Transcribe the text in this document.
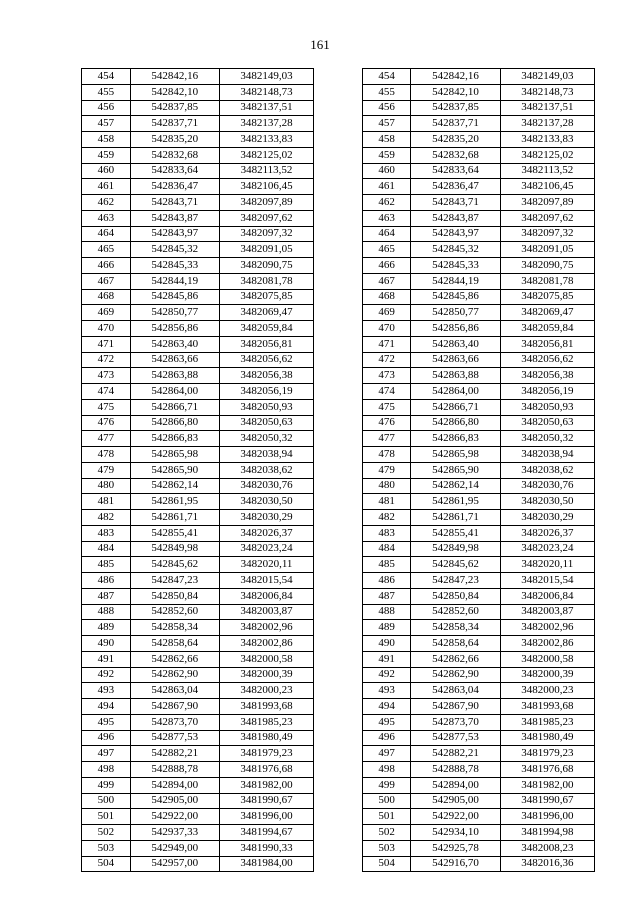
161
454	542842,16	3482149,03		454	542842,16	3482149,03
455	542842,10	3482148,73		455	542842,10	3482148,73
456	542837,85	3482137,51		456	542837,85	3482137,51
457	542837,71	3482137,28		457	542837,71	3482137,28
458	542835,20	3482133,83		458	542835,20	3482133,83
459	542832,68	3482125,02		459	542832,68	3482125,02
460	542833,64	3482113,52		460	542833,64	3482113,52
461	542836,47	3482106,45		461	542836,47	3482106,45
462	542843,71	3482097,89		462	542843,71	3482097,89
463	542843,87	3482097,62		463	542843,87	3482097,62
464	542843,97	3482097,32		464	542843,97	3482097,32
465	542845,32	3482091,05		465	542845,32	3482091,05
466	542845,33	3482090,75		466	542845,33	3482090,75
467	542844,19	3482081,78		467	542844,19	3482081,78
468	542845,86	3482075,85		468	542845,86	3482075,85
469	542850,77	3482069,47		469	542850,77	3482069,47
470	542856,86	3482059,84		470	542856,86	3482059,84
471	542863,40	3482056,81		471	542863,40	3482056,81
472	542863,66	3482056,62		472	542863,66	3482056,62
473	542863,88	3482056,38		473	542863,88	3482056,38
474	542864,00	3482056,19		474	542864,00	3482056,19
475	542866,71	3482050,93		475	542866,71	3482050,93
476	542866,80	3482050,63		476	542866,80	3482050,63
477	542866,83	3482050,32		477	542866,83	3482050,32
478	542865,98	3482038,94		478	542865,98	3482038,94
479	542865,90	3482038,62		479	542865,90	3482038,62
480	542862,14	3482030,76		480	542862,14	3482030,76
481	542861,95	3482030,50		481	542861,95	3482030,50
482	542861,71	3482030,29		482	542861,71	3482030,29
483	542855,41	3482026,37		483	542855,41	3482026,37
484	542849,98	3482023,24		484	542849,98	3482023,24
485	542845,62	3482020,11		485	542845,62	3482020,11
486	542847,23	3482015,54		486	542847,23	3482015,54
487	542850,84	3482006,84		487	542850,84	3482006,84
488	542852,60	3482003,87		488	542852,60	3482003,87
489	542858,34	3482002,96		489	542858,34	3482002,96
490	542858,64	3482002,86		490	542858,64	3482002,86
491	542862,66	3482000,58		491	542862,66	3482000,58
492	542862,90	3482000,39		492	542862,90	3482000,39
493	542863,04	3482000,23		493	542863,04	3482000,23
494	542867,90	3481993,68		494	542867,90	3481993,68
495	542873,70	3481985,23		495	542873,70	3481985,23
496	542877,53	3481980,49		496	542877,53	3481980,49
497	542882,21	3481979,23		497	542882,21	3481979,23
498	542888,78	3481976,68		498	542888,78	3481976,68
499	542894,00	3481982,00		499	542894,00	3481982,00
500	542905,00	3481990,67		500	542905,00	3481990,67
501	542922,00	3481996,00		501	542922,00	3481996,00
502	542937,33	3481994,67		502	542934,10	3481994,98
503	542949,00	3481990,33		503	542925,78	3482008,23
504	542957,00	3481984,00		504	542916,70	3482016,36
